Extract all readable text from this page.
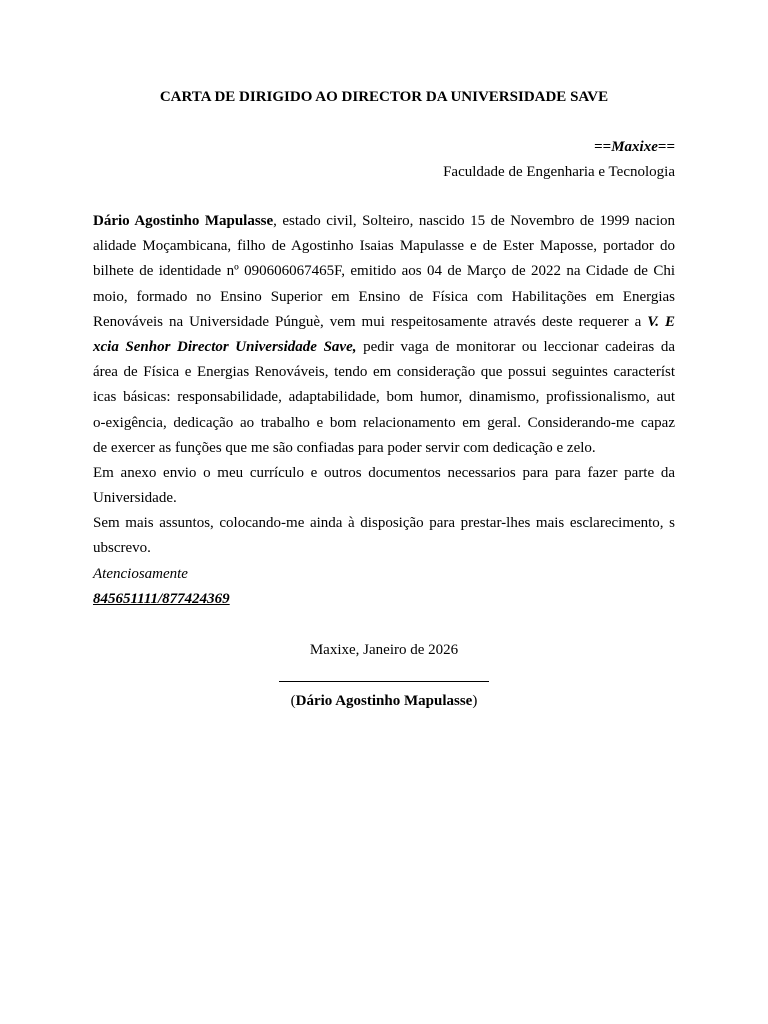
CARTA DE DIRIGIDO AO DIRECTOR DA UNIVERSIDADE SAVE
==Maxixe==
Faculdade de Engenharia e Tecnologia
Dário Agostinho Mapulasse, estado civil, Solteiro, nascido 15 de Novembro de 1999 nacion
alidade Moçambicana, filho de Agostinho Isaias Mapulasse e de Ester Maposse, portador do
bilhete de identidade nº 090606067465F, emitido aos 04 de Março de 2022 na Cidade de Chi
moio, formado no Ensino Superior em Ensino de Física com Habilitações em Energias
Renováveis na Universidade Púnguè, vem mui respeitosamente através deste requerer a V. E
xcia Senhor Director Universidade Save, pedir vaga de monitorar ou leccionar cadeiras da
área de Física e Energias Renováveis, tendo em consideração que possui seguintes característ
icas básicas: responsabilidade, adaptabilidade, bom humor, dinamismo, profissionalismo, aut
o-exigência, dedicação ao trabalho e bom relacionamento em geral. Considerando-me capaz
de exercer as funções que me são confiadas para poder servir com dedicação e zelo.
Em anexo envio o meu currículo e outros documentos necessarios para para fazer parte da
Universidade.
Sem mais assuntos, colocando-me ainda à disposição para prestar-lhes mais esclarecimento, s
ubscrevo.
Atenciosamente
845651111/877424369
Maxixe, Janeiro de 2026
(Dário Agostinho Mapulasse)
